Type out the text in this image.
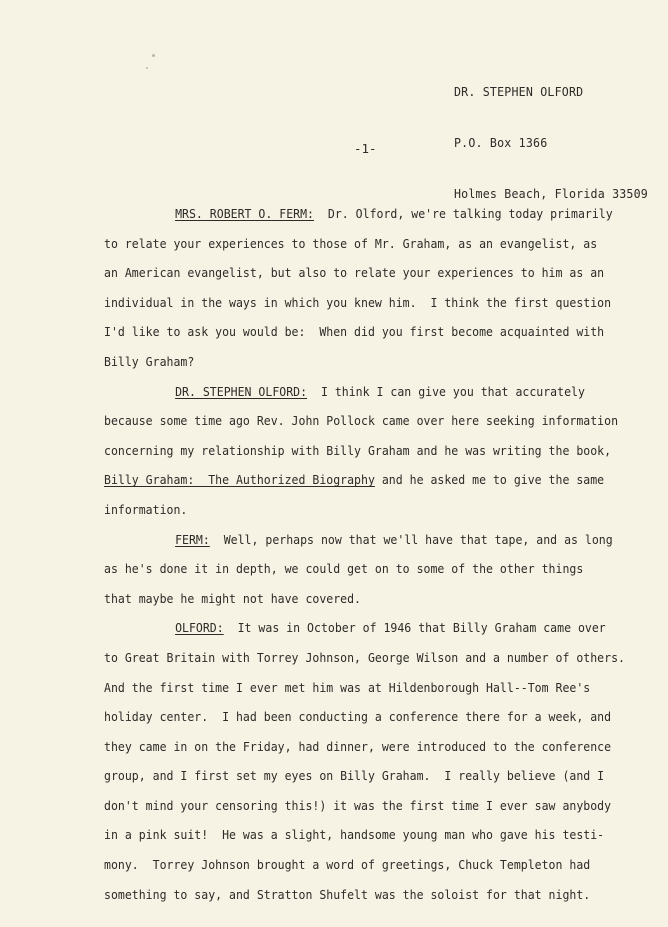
DR. STEPHEN OLFORD

P.O. Box 1366

Holmes Beach, Florida 33509

-1-
MRS. ROBERT O. FERM:  Dr. Olford, we're talking today primarily
to relate your experiences to those of Mr. Graham, as an evangelist, as
an American evangelist, but also to relate your experiences to him as an
individual in the ways in which you knew him.  I think the first question
I'd like to ask you would be:  When did you first become acquainted with
Billy Graham?
DR. STEPHEN OLFORD:  I think I can give you that accurately
because some time ago Rev. John Pollock came over here seeking information
concerning my relationship with Billy Graham and he was writing the book,
Billy Graham:  The Authorized Biography and he asked me to give the same
information.
FERM:  Well, perhaps now that we'll have that tape, and as long
as he's done it in depth, we could get on to some of the other things
that maybe he might not have covered.
OLFORD:  It was in October of 1946 that Billy Graham came over
to Great Britain with Torrey Johnson, George Wilson and a number of others.
And the first time I ever met him was at Hildenborough Hall--Tom Ree's
holiday center.  I had been conducting a conference there for a week, and
they came in on the Friday, had dinner, were introduced to the conference
group, and I first set my eyes on Billy Graham.  I really believe (and I
don't mind your censoring this!) it was the first time I ever saw anybody
in a pink suit!  He was a slight, handsome young man who gave his testi-
mony.  Torrey Johnson brought a word of greetings, Chuck Templeton had
something to say, and Stratton Shufelt was the soloist for that night.
